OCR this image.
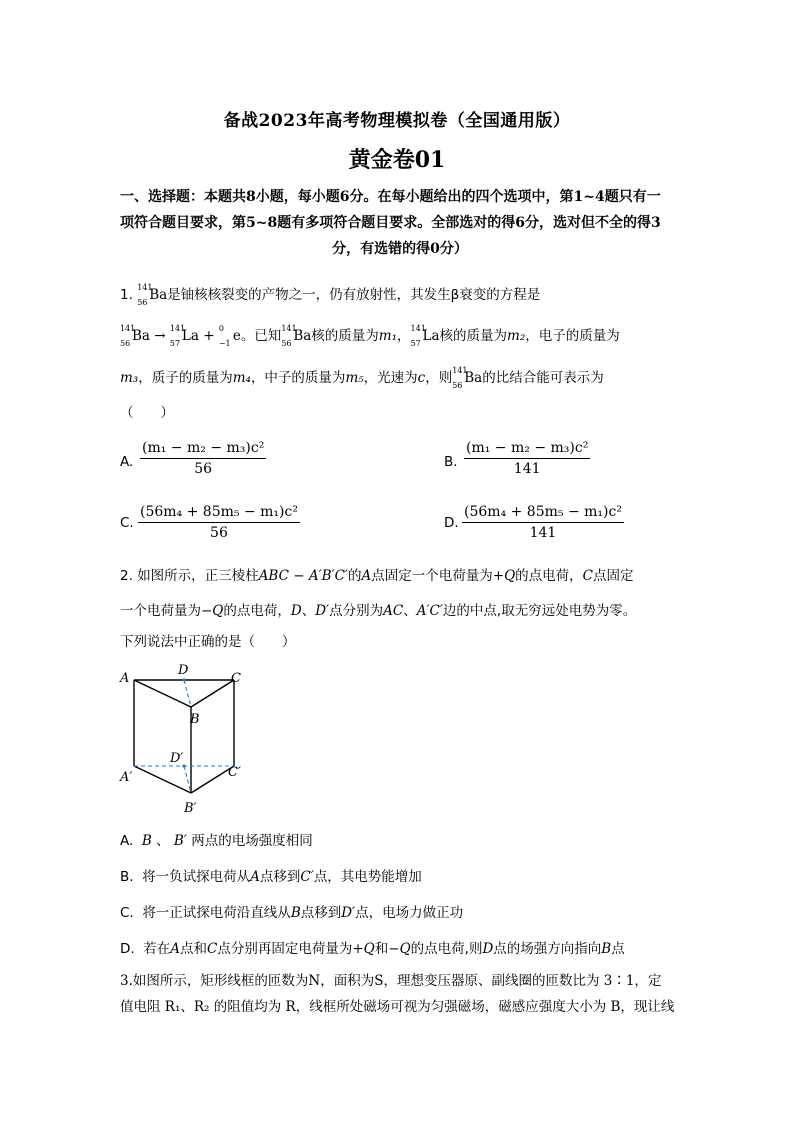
备战2023年高考物理模拟卷（全国通用版）
黄金卷01
一、选择题：本题共8小题，每小题6分。在每小题给出的四个选项中，第1~4题只有一
项符合题目要求，第5~8题有多项符合题目要求。全部选对的得6分，选对但不全的得3

分，有选错的得0分）
1. 141
56 Ba是铀核核裂变的产物之一，仍有放射性，其发生β衰变的方程是
141
56 Ba → 141
57 La + 0
−1 e。已知 141
56 Ba核的质量为m₁， 141
57 La核的质量为m₂，电子的质量为
m₃，质子的质量为m₄，中子的质量为m₅，光速为c，则 141
56 Ba的比结合能可表示为
（　　）
A. $\frac{\text{(m₁ − m₂ − m₃)c²}}{56}$	B. $\frac{\text{(m₁ − m₂ − m₃)c²}}{141}$
C. $\frac{\text{(56m₄ + 85m₅ − m₁)c²}}{56}$	D. $\frac{\text{(56m₄ + 85m₅ − m₁)c²}}{141}$
2. 如图所示，正三棱柱ABC − A′B′C′的A点固定一个电荷量为+Q的点电荷，C点固定
一个电荷量为−Q的点电荷，D、D′点分别为AC、A′C′边的中点,取无穷远处电势为零。
下列说法中正确的是（　　）
A
D
C
B
D′
A′	C′
B′
A. B 、 B′ 两点的电场强度相同
B. 将一负试探电荷从A点移到C′点，其电势能增加
C. 将一正试探电荷沿直线从B点移到D′点，电场力做正功
D. 若在A点和C点分别再固定电荷量为+Q和−Q的点电荷,则D点的场强方向指向B点
3.如图所示，矩形线框的匝数为N，面积为S，理想变压器原、副线圈的匝数比为 3∶1，定
值电阻 R₁、R₂ 的阻值均为 R，线框所处磁场可视为匀强磁场，磁感应强度大小为 B，现让线
